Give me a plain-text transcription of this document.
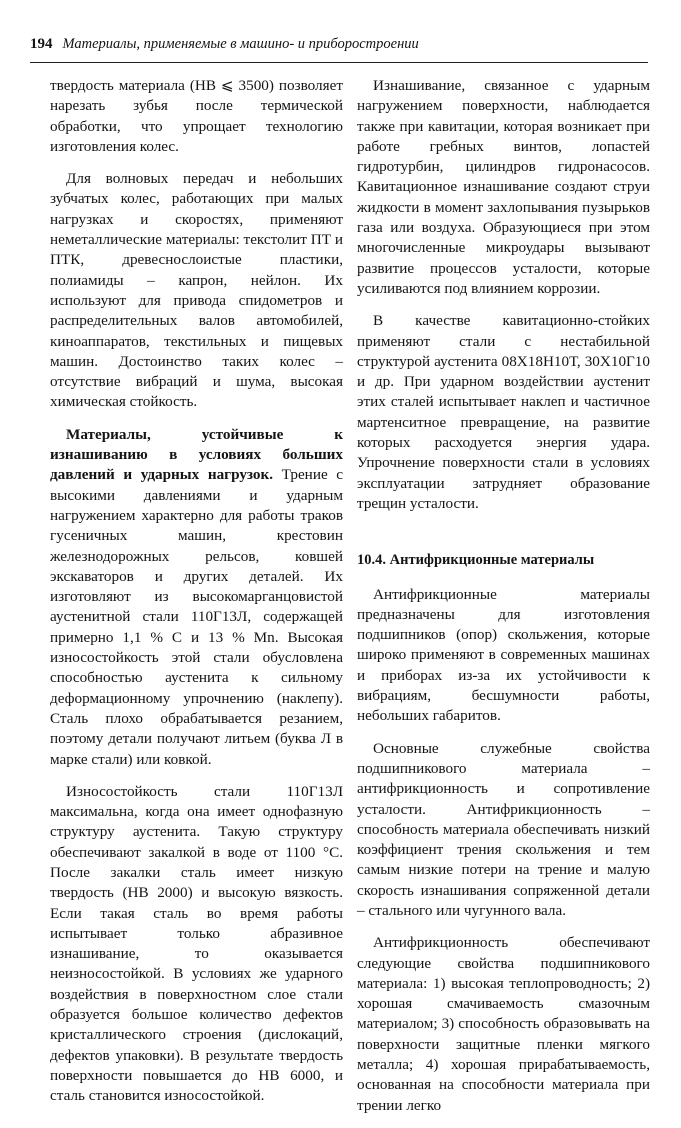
194 Материалы, применяемые в машино- и приборостроении

твердость материала (НВ ⩽ 3500) позволяет нарезать зубья после термической обработки, что упрощает технологию изготовления колес.

Для волновых передач и небольших зубчатых колес, работающих при малых нагрузках и скоростях, применяют неметаллические материалы: текстолит ПТ и ПТК, древеснослоистые пластики, полиамиды – капрон, нейлон. Их используют для привода спидометров и распределительных валов автомобилей, киноаппаратов, текстильных и пищевых машин. Достоинство таких колес – отсутствие вибраций и шума, высокая химическая стойкость.

Материалы, устойчивые к изнашиванию в условиях больших давлений и ударных нагрузок. Трение с высокими давлениями и ударным нагружением характерно для работы траков гусеничных машин, крестовин железнодорожных рельсов, ковшей экскаваторов и других деталей. Их изготовляют из высокомарганцовистой аустенитной стали 110Г13Л, содержащей примерно 1,1 % С и 13 % Mn. Высокая износостойкость этой стали обусловлена способностью аустенита к сильному деформационному упрочнению (наклепу). Сталь плохо обрабатывается резанием, поэтому детали получают литьем (буква Л в марке стали) или ковкой.

Износостойкость стали 110Г13Л максимальна, когда она имеет однофазную структуру аустенита. Такую структуру обеспечивают закалкой в воде от 1100 °С. После закалки сталь имеет низкую твердость (НВ 2000) и высокую вязкость. Если такая сталь во время работы испытывает только абразивное изнашивание, то оказывается неизносостойкой. В условиях же ударного воздействия в поверхностном слое стали образуется большое количество дефектов кристаллического строения (дислокаций, дефектов упаковки). В результате твердость поверхности повышается до НВ 6000, и сталь становится износостойкой.

Изнашивание, связанное с ударным нагружением поверхности, наблюдается также при кавитации, которая возникает при работе гребных винтов, лопастей гидротурбин, цилиндров гидронасосов. Кавитационное изнашивание создают струи жидкости в момент захлопывания пузырьков газа или воздуха. Образующиеся при этом многочисленные микроудары вызывают развитие процессов усталости, которые усиливаются под влиянием коррозии.

В качестве кавитационно-стойких применяют стали с нестабильной структурой аустенита 08Х18Н10Т, 30Х10Г10 и др. При ударном воздействии аустенит этих сталей испытывает наклеп и частичное мартенситное превращение, на развитие которых расходуется энергия удара. Упрочнение поверхности стали в условиях эксплуатации затрудняет образование трещин усталости.

10.4. Антифрикционные материалы

Антифрикционные материалы предназначены для изготовления подшипников (опор) скольжения, которые широко применяют в современных машинах и приборах из-за их устойчивости к вибрациям, бесшумности работы, небольших габаритов.

Основные служебные свойства подшипникового материала – антифрикционность и сопротивление усталости. Антифрикционность – способность материала обеспечивать низкий коэффициент трения скольжения и тем самым низкие потери на трение и малую скорость изнашивания сопряженной детали – стального или чугунного вала.

Антифрикционность обеспечивают следующие свойства подшипникового материала: 1) высокая теплопроводность; 2) хорошая смачиваемость смазочным материалом; 3) способность образовывать на поверхности защитные пленки мягкого металла; 4) хорошая прирабатываемость, основанная на способности материала при трении легко
